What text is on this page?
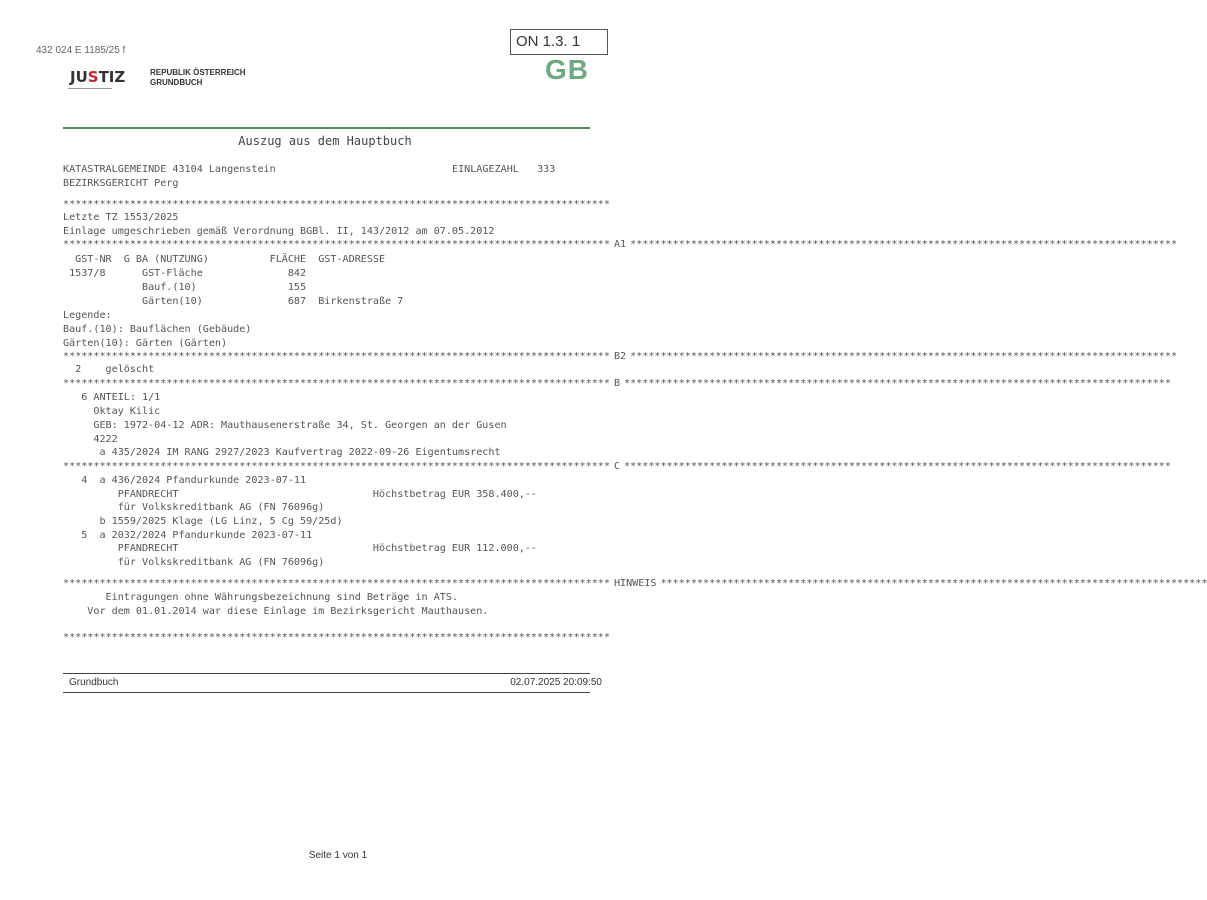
432 024 E 1185/25 f
JUSTIZ	REPUBLIK ÖSTERREICH
GRUNDBUCH
ON 1.3. 1
GB
Auszug aus dem Hauptbuch
KATASTRALGEMEINDE 43104 Langenstein	EINLAGEZAHL   333
BEZIRKSGERICHT Perg
******************************************************************************************
Letzte TZ 1553/2025
Einlage umgeschrieben gemäß Verordnung BGBl. II, 143/2012 am 07.05.2012
****************************************************************************************** A1 ******************************************************************************************
GST-NR  G BA (NUTZUNG)          FLÄCHE  GST-ADRESSE
1537/8      GST-Fläche              842
Bauf.(10)               155
Gärten(10)              687  Birkenstraße 7
Legende:
Bauf.(10): Bauflächen (Gebäude)
Gärten(10): Gärten (Gärten)
****************************************************************************************** B2 ******************************************************************************************
2    gelöscht
****************************************************************************************** B ******************************************************************************************
6 ANTEIL: 1/1
Oktay Kilic
GEB: 1972-04-12 ADR: Mauthausenerstraße 34, St. Georgen an der Gusen
4222
a 435/2024 IM RANG 2927/2023 Kaufvertrag 2022-09-26 Eigentumsrecht
****************************************************************************************** C ******************************************************************************************
4  a 436/2024 Pfandurkunde 2023-07-11
PFANDRECHT                                Höchstbetrag EUR 358.400,--
für Volkskreditbank AG (FN 76096g)
b 1559/2025 Klage (LG Linz, 5 Cg 59/25d)
5  a 2032/2024 Pfandurkunde 2023-07-11
PFANDRECHT                                Höchstbetrag EUR 112.000,--
für Volkskreditbank AG (FN 76096g)
****************************************************************************************** HINWEIS ******************************************************************************************
Eintragungen ohne Währungsbezeichnung sind Beträge in ATS.
Vor dem 01.01.2014 war diese Einlage im Bezirksgericht Mauthausen.
******************************************************************************************
Grundbuch	02.07.2025 20:09:50
Seite 1 von 1
